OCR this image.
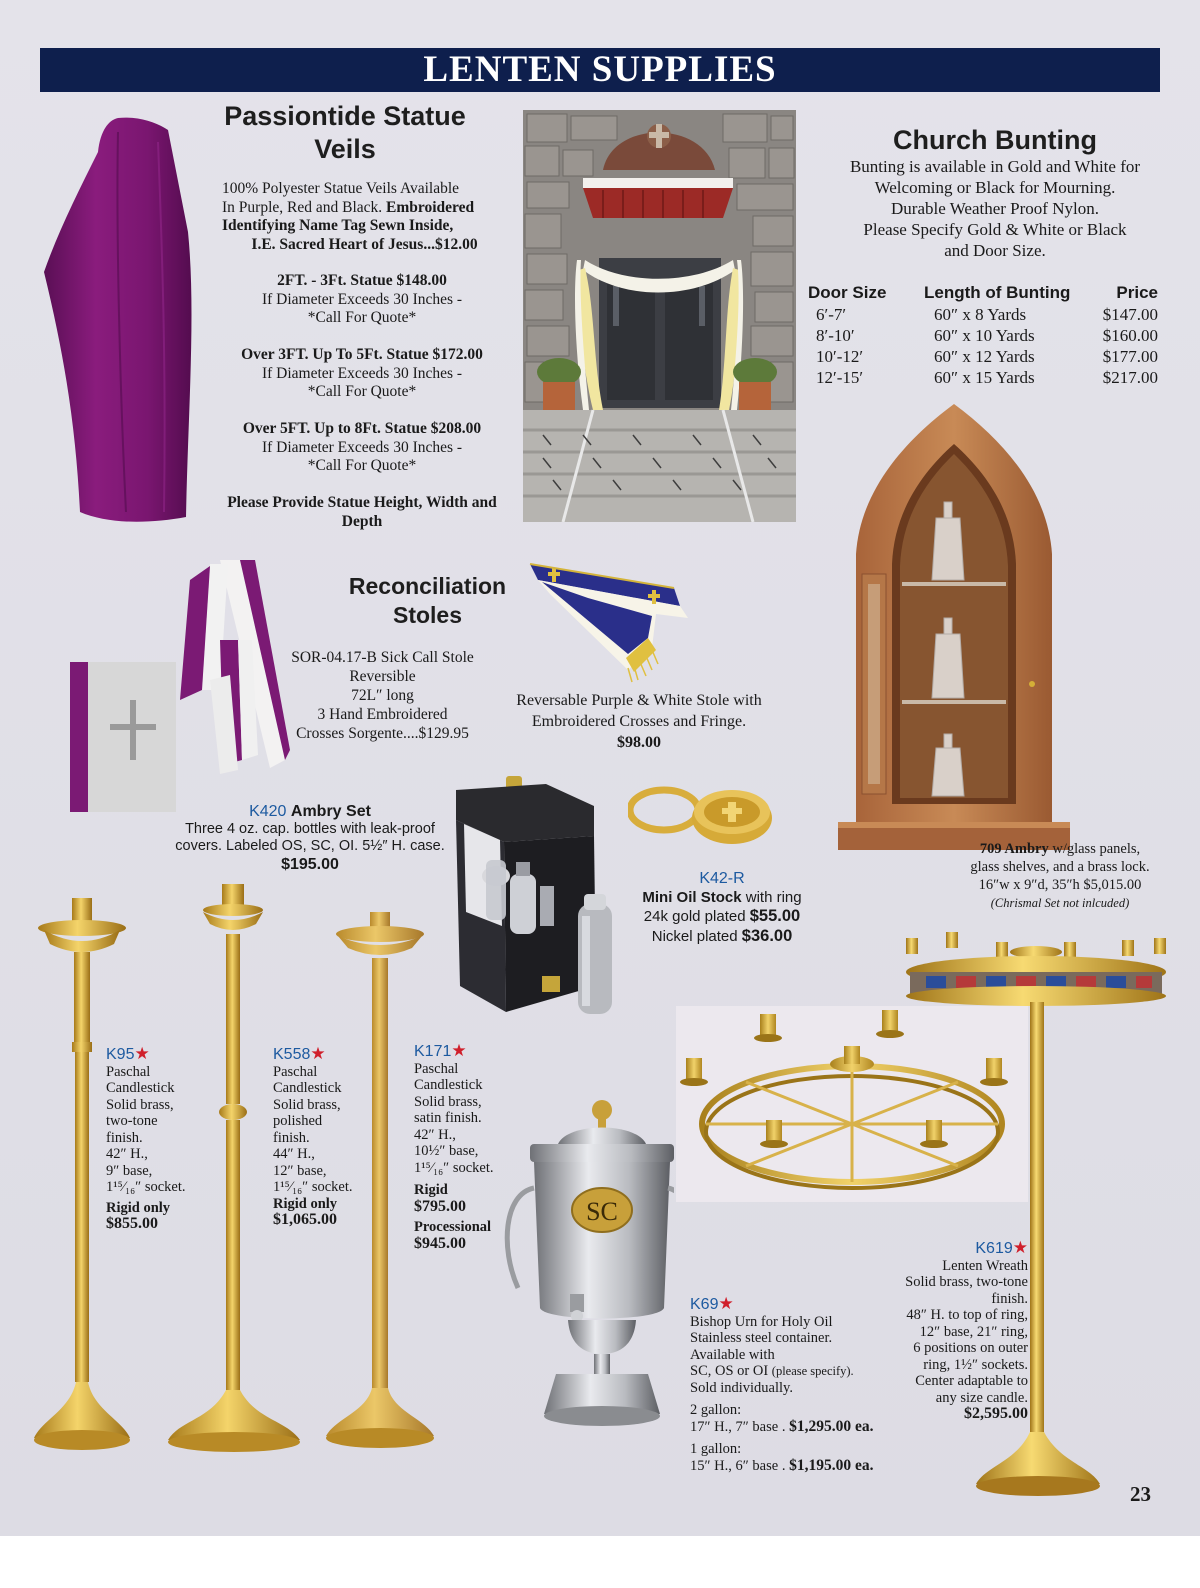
LENTEN SUPPLIES
Passiontide Statue
Veils
100% Polyester Statue Veils Available
In Purple, Red and Black. Embroidered
Identifying Name Tag Sewn Inside,
I.E. Sacred Heart of Jesus...$12.00
2FT. - 3Ft. Statue $148.00
If Diameter Exceeds 30 Inches -
*Call For Quote*
Over 3FT. Up To 5Ft. Statue $172.00
If Diameter Exceeds 30 Inches -
*Call For Quote*
Over 5FT. Up to 8Ft. Statue $208.00
If Diameter Exceeds 30 Inches -
*Call For Quote*
Please Provide Statue Height, Width and
Depth
Church Bunting
Bunting is available in Gold and White for
Welcoming or Black for Mourning.
Durable Weather Proof Nylon.
Please Specify Gold & White or Black
and Door Size.
Door Size	Length of Bunting	Price
6′-7′	60″ x 8 Yards	$147.00
8′-10′	60″ x 10 Yards	$160.00
10′-12′	60″ x 12 Yards	$177.00
12′-15′	60″ x 15 Yards	$217.00
709 Ambry w/glass panels,
glass shelves, and a brass lock.
16″w x 9″d, 35″h $5,015.00
(Chrismal Set not inlcuded)
Reconciliation
Stoles
SOR-04.17-B Sick Call Stole
Reversible
72L″ long
3 Hand Embroidered
Crosses Sorgente....$129.95
Reversable Purple & White Stole with
Embroidered Crosses and Fringe.
$98.00
K420 Ambry Set
Three 4 oz. cap. bottles with leak-proof
covers. Labeled OS, SC, OI. 5½″ H. case.
$195.00
K42-R
Mini Oil Stock with ring
24k gold plated $55.00
Nickel plated $36.00
K95★
Paschal
Candlestick
Solid brass,
two-tone
finish.
42″ H.,
9″ base,
1¹⁵⁄₁₆″ socket.
Rigid only
$855.00
K558★
Paschal
Candlestick
Solid brass,
polished
finish.
44″ H.,
12″ base,
1¹⁵⁄₁₆″ socket.
Rigid only
$1,065.00
K171★
Paschal
Candlestick
Solid brass,
satin finish.
42″ H.,
10½″ base,
1¹⁵⁄₁₆″ socket.
Rigid
$795.00
Processional
$945.00
SC
K69★
Bishop Urn for Holy Oil
Stainless steel container.
Available with
SC, OS or OI (please specify).
Sold individually.
2 gallon:
17″ H., 7″ base . $1,295.00 ea.
1 gallon:
15″ H., 6″ base . $1,195.00 ea.
K619★
Lenten Wreath
Solid brass, two-tone
finish.
48″ H. to top of ring,
12″ base, 21″ ring,
6 positions on outer
ring, 1½″ sockets.
Center adaptable to
any size candle.
$2,595.00
23
